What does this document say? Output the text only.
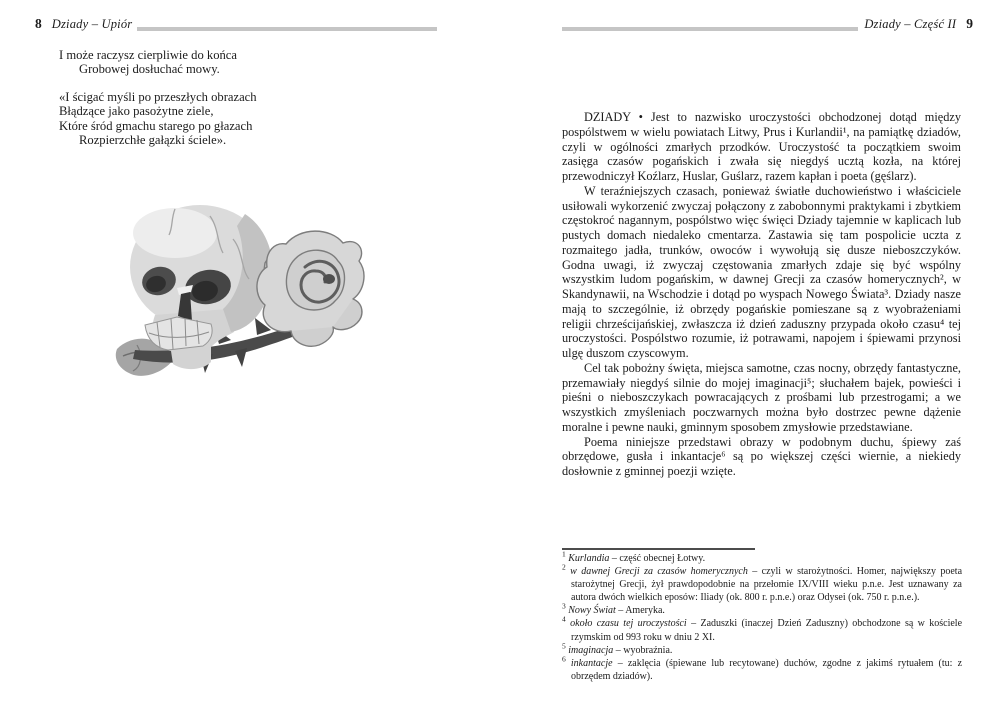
8 Dziady – Upiór
I może raczysz cierpliwie do końca
Grobowej dosłuchać mowy.
«I ścigać myśli po przeszłych obrazach
Błądzące jako pasożytne ziele,
Które śród gmachu starego po głazach
Rozpierzchłe gałązki ściele».
Dziady – Część II 9

DZIADY • Jest to nazwisko uroczystości obchodzonej dotąd między pospólstwem w wielu powiatach Litwy, Prus i Kurlandii¹, na pamiątkę dziadów, czyli w ogólności zmarłych przodków. Uroczystość ta początkiem swoim zasięga czasów pogańskich i zwała się niegdyś ucztą kozła, na której przewodniczył Koźlarz, Huslar, Guślarz, razem kapłan i poeta (gęślarz).

W teraźniejszych czasach, ponieważ światłe duchowieństwo i właściciele usiłowali wykorzenić zwyczaj połączony z zabobonnymi praktykami i zbytkiem częstokroć nagannym, pospólstwo więc święci Dziady tajemnie w kaplicach lub pustych domach niedaleko cmentarza. Zastawia się tam pospolicie uczta z rozmaitego jadła, trunków, owoców i wywołują się dusze nieboszczyków. Godna uwagi, iż zwyczaj częstowania zmarłych zdaje się być wspólny wszystkim ludom pogańskim, w dawnej Grecji za czasów homerycznych², w Skandynawii, na Wschodzie i dotąd po wyspach Nowego Świata³. Dziady nasze mają to szczególnie, iż obrzędy pogańskie pomieszane są z wyobrażeniami religii chrześcijańskiej, zwłaszcza iż dzień zaduszny przypada około czasu⁴ tej uroczystości. Pospólstwo rozumie, iż potrawami, napojem i śpiewami przynosi ulgę duszom czyscowym.

Cel tak pobożny święta, miejsca samotne, czas nocny, obrzędy fantastyczne, przemawiały niegdyś silnie do mojej imaginacji⁵; słuchałem bajek, powieści i pieśni o nieboszczykach powracających z prośbami lub przestrogami; a we wszystkich zmyśleniach poczwarnych można było dostrzec pewne dążenie moralne i pewne nauki, gminnym sposobem zmysłowie przedstawiane.

Poema niniejsze przedstawi obrazy w podobnym duchu, śpiewy zaś obrzędowe, gusła i inkantacje⁶ są po większej części wiernie, a niekiedy dosłownie z gminnej poezji wzięte.

$^1$ Kurlandia – część obecnej Łotwy.

$^2$ w dawnej Grecji za czasów homerycznych – czyli w starożytności. Homer, największy poeta starożytnej Grecji, żył prawdopodobnie na przełomie IX/VIII wieku p.n.e. Jest uznawany za autora dwóch wielkich eposów: Iliady (ok. 800 r. p.n.e.) oraz Odysei (ok. 750 r. p.n.e.).

$^3$ Nowy Świat – Ameryka.

$^4$ około czasu tej uroczystości – Zaduszki (inaczej Dzień Zaduszny) obchodzone są w kościele rzymskim od 993 roku w dniu 2 XI.

$^5$ imaginacja – wyobraźnia.

$^6$ inkantacje – zaklęcia (śpiewane lub recytowane) duchów, zgodne z jakimś rytuałem (tu: z obrzędem dziadów).
